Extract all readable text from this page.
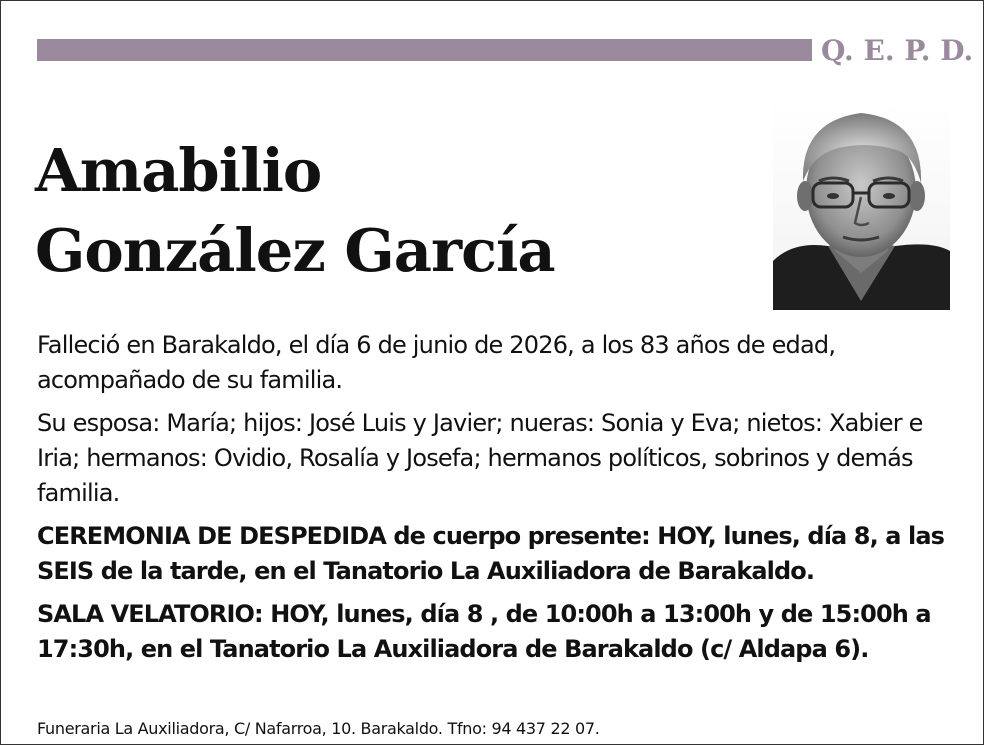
Q. E. P. D.
Amabilio
González García

Falleció en Barakaldo, el día 6 de junio de 2026, a los 83 años de edad, acompañado de su familia.

Su esposa: María; hijos: José Luis y Javier; nueras: Sonia y Eva; nietos: Xabier e Iria; hermanos: Ovidio, Rosalía y Josefa; hermanos políticos, sobrinos y demás familia.

CEREMONIA DE DESPEDIDA de cuerpo presente: HOY, lunes, día 8, a las SEIS de la tarde, en el Tanatorio La Auxiliadora de Barakaldo.

SALA VELATORIO: HOY, lunes, día 8 , de 10:00h a 13:00h y de 15:00h a 17:30h, en el Tanatorio La Auxiliadora de Barakaldo (c/ Aldapa 6).

Funeraria La Auxiliadora, C/ Nafarroa, 10. Barakaldo. Tfno: 94 437 22 07.
